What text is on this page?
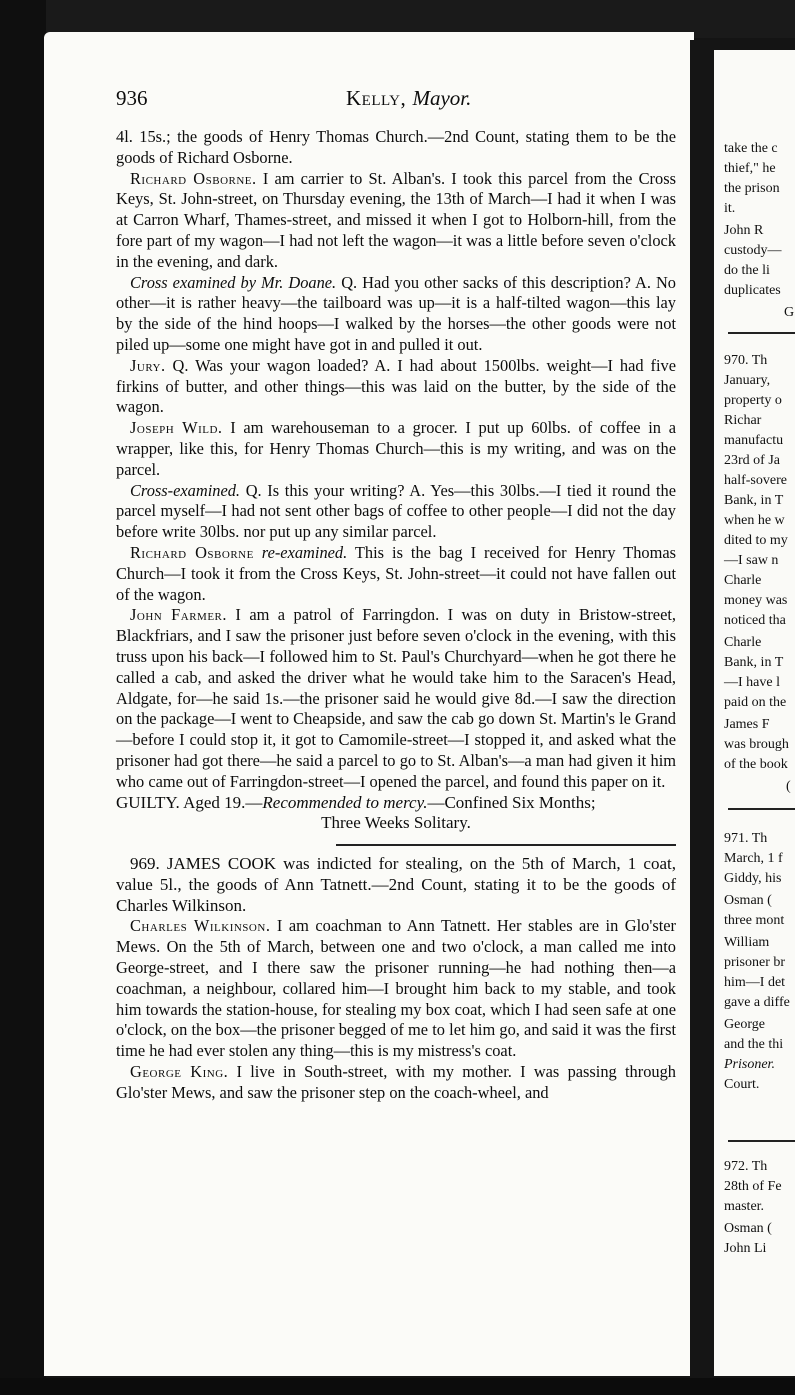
936	Kelly, Mayor.

4l. 15s.; the goods of Henry Thomas Church.—2nd Count, stating them to be the goods of Richard Osborne.

Richard Osborne. I am carrier to St. Alban's. I took this parcel from the Cross Keys, St. John-street, on Thursday evening, the 13th of March—I had it when I was at Carron Wharf, Thames-street, and missed it when I got to Holborn-hill, from the fore part of my wagon—I had not left the wagon—it was a little before seven o'clock in the evening, and dark.

Cross examined by Mr. Doane. Q. Had you other sacks of this description? A. No other—it is rather heavy—the tailboard was up—it is a half-tilted wagon—this lay by the side of the hind hoops—I walked by the horses—the other goods were not piled up—some one might have got in and pulled it out.

Jury. Q. Was your wagon loaded? A. I had about 1500lbs. weight—I had five firkins of butter, and other things—this was laid on the butter, by the side of the wagon.

Joseph Wild. I am warehouseman to a grocer. I put up 60lbs. of coffee in a wrapper, like this, for Henry Thomas Church—this is my writing, and was on the parcel.

Cross-examined. Q. Is this your writing? A. Yes—this 30lbs.—I tied it round the parcel myself—I had not sent other bags of coffee to other people—I did not the day before write 30lbs. nor put up any similar parcel.

Richard Osborne re-examined. This is the bag I received for Henry Thomas Church—I took it from the Cross Keys, St. John-street—it could not have fallen out of the wagon.

John Farmer. I am a patrol of Farringdon. I was on duty in Bristow-street, Blackfriars, and I saw the prisoner just before seven o'clock in the evening, with this truss upon his back—I followed him to St. Paul's Churchyard—when he got there he called a cab, and asked the driver what he would take him to the Saracen's Head, Aldgate, for—he said 1s.—the prisoner said he would give 8d.—I saw the direction on the package—I went to Cheapside, and saw the cab go down St. Martin's le Grand—before I could stop it, it got to Camomile-street—I stopped it, and asked what the prisoner had got there—he said a parcel to go to St. Alban's—a man had given it him who came out of Farringdon-street—I opened the parcel, and found this paper on it.

GUILTY. Aged 19.—Recommended to mercy.—Confined Six Months;

Three Weeks Solitary.

969. JAMES COOK was indicted for stealing, on the 5th of March, 1 coat, value 5l., the goods of Ann Tatnett.—2nd Count, stating it to be the goods of Charles Wilkinson.

Charles Wilkinson. I am coachman to Ann Tatnett. Her stables are in Glo'ster Mews. On the 5th of March, between one and two o'clock, a man called me into George-street, and I there saw the prisoner running—he had nothing then—a coachman, a neighbour, collared him—I brought him back to my stable, and took him towards the station-house, for stealing my box coat, which I had seen safe at one o'clock, on the box—the prisoner begged of me to let him go, and said it was the first time he had ever stolen any thing—this is my mistress's coat.

George King. I live in South-street, with my mother. I was passing through Glo'ster Mews, and saw the prisoner step on the coach-wheel, and

take the c
thief," he
the prison
it.
John R
custody—
do the li
duplicates
G
970. Th
January,
property o
Richar
manufactu
23rd of Ja
half-sovere
Bank, in T
when he w
dited to my
—I saw n
Charle
money was
noticed tha
Charle
Bank, in T
—I have l
paid on the
James F
was brough
of the book
(
971. Th
March, 1 f
Giddy, his
Osman (
three mont
William
prisoner br
him—I det
gave a diffe
George
and the thi
Prisoner.
Court.
972. Th
28th of Fe
master.
Osman (
John Li
